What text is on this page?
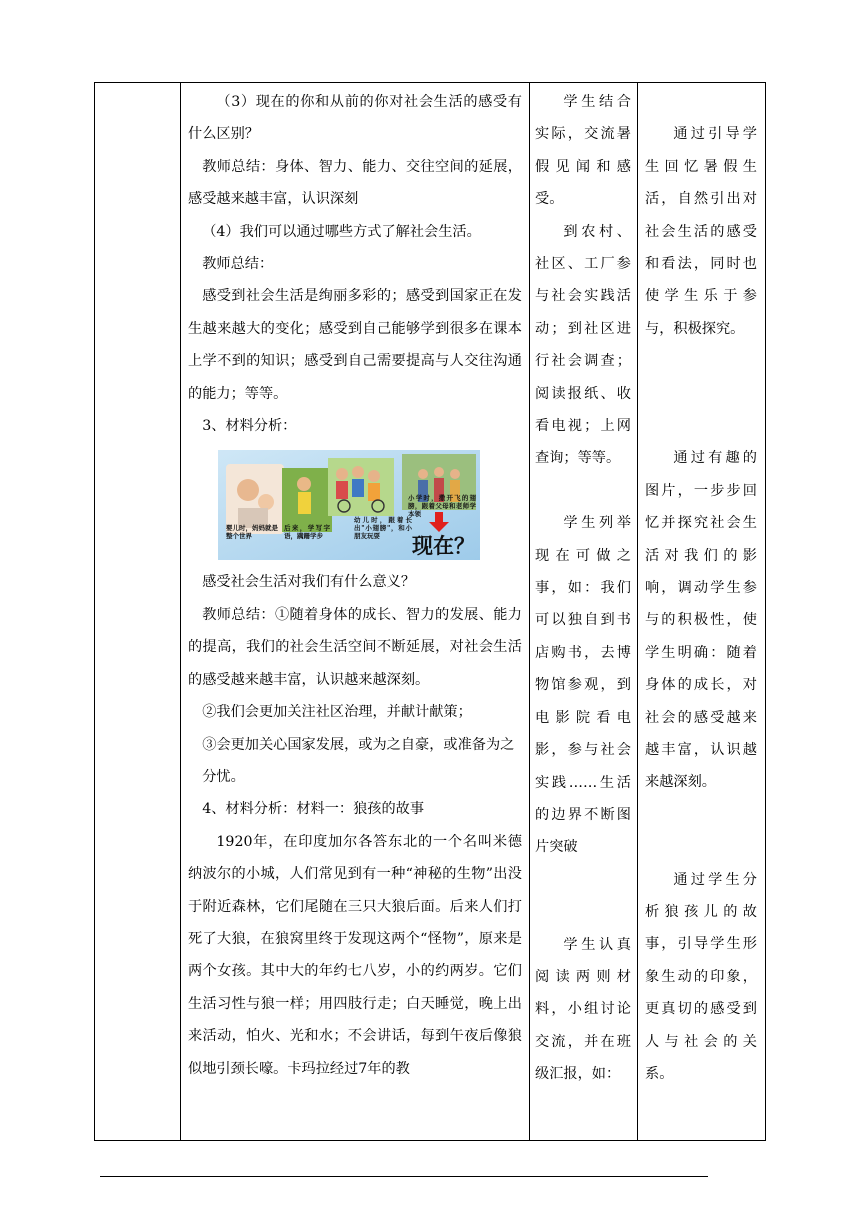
（3）现在的你和从前的你对社会生活的感受有什么区别？

教师总结：身体、智力、能力、交往空间的延展，感受越来越丰富，认识深刻

（4）我们可以通过哪些方式了解社会生活。

教师总结：

感受到社会生活是绚丽多彩的；感受到国家正在发生越来越大的变化；感受到自己能够学到很多在课本上学不到的知识；感受到自己需要提高与人交往沟通的能力；等等。

3、材料分析：

婴儿时，妈妈就是整个世界
后来，学写字语，蹒跚学步
幼儿时，跟着长出"小翅膀"，和小朋友玩耍
小学时，撒开飞的翅膀，跟着父母和老师学本领
现在？

感受社会生活对我们有什么意义？

教师总结：①随着身体的成长、智力的发展、能力的提高，我们的社会生活空间不断延展，对社会生活的感受越来越丰富，认识越来越深刻。

②我们会更加关注社区治理，并献计献策；

③会更加关心国家发展，或为之自豪，或准备为之

分忧。

4、材料分析：材料一：狼孩的故事

1920年，在印度加尔各答东北的一个名叫米德纳波尔的小城，人们常见到有一种“神秘的生物”出没于附近森林，它们尾随在三只大狼后面。后来人们打死了大狼，在狼窝里终于发现这两个“怪物”，原来是两个女孩。其中大的年约七八岁，小的约两岁。它们生活习性与狼一样；用四肢行走；白天睡觉，晚上出来活动，怕火、光和水；不会讲话，每到午夜后像狼似地引颈长嚎。卡玛拉经过7年的教

学生结合实际，交流暑假见闻和感受。

到农村、社区、工厂参与社会实践活动；到社区进行社会调查；阅读报纸、收看电视；上网查询；等等。

学生列举现在可做之事，如：我们可以独自到书店购书，去博物馆参观，到电影院看电影，参与社会实践……生活的边界不断图片突破

学生认真阅读两则材料，小组讨论交流，并在班级汇报，如：

通过引导学生回忆暑假生活，自然引出对社会生活的感受和看法，同时也使学生乐于参与，积极探究。

通过有趣的图片，一步步回忆并探究社会生活对我们的影响，调动学生参与的积极性，使学生明确：随着身体的成长，对社会的感受越来越丰富，认识越来越深刻。

通过学生分析狼孩儿的故事，引导学生形象生动的印象，更真切的感受到人与社会的关系。
